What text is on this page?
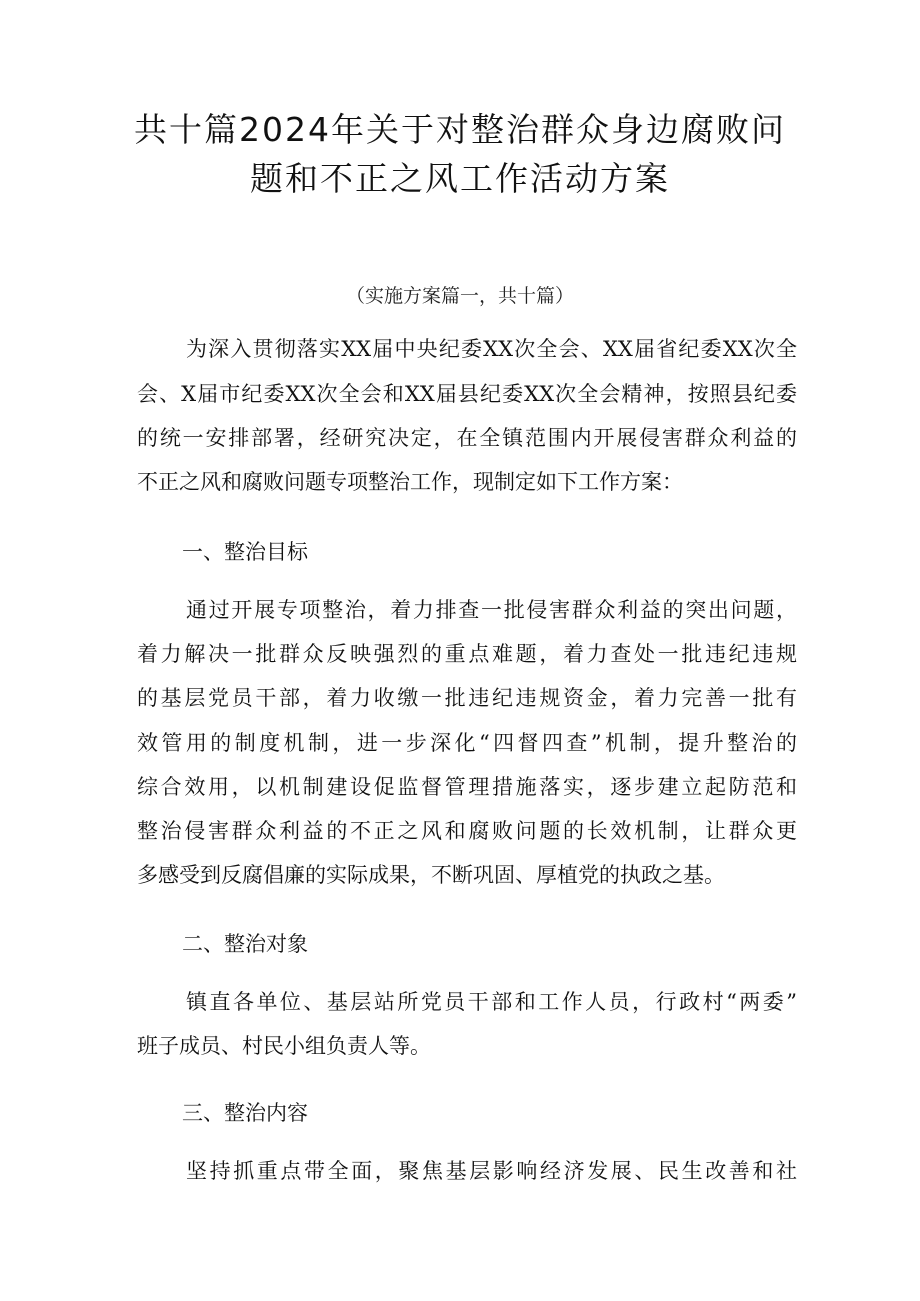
共十篇2024年关于对整治群众身边腐败问
题和不正之风工作活动方案
（实施方案篇一，共十篇）
为深入贯彻落实XX届中央纪委XX次全会、XX届省纪委XX次全
会、X届市纪委XX次全会和XX届县纪委XX次全会精神，按照县纪委
的统一安排部署，经研究决定，在全镇范围内开展侵害群众利益的
不正之风和腐败问题专项整治工作，现制定如下工作方案：
一、整治目标
通过开展专项整治，着力排查一批侵害群众利益的突出问题，
着力解决一批群众反映强烈的重点难题，着力查处一批违纪违规
的基层党员干部，着力收缴一批违纪违规资金，着力完善一批有
效管用的制度机制，进一步深化“四督四查”机制，提升整治的
综合效用，以机制建设促监督管理措施落实，逐步建立起防范和
整治侵害群众利益的不正之风和腐败问题的长效机制，让群众更
多感受到反腐倡廉的实际成果，不断巩固、厚植党的执政之基。
二、整治对象
镇直各单位、基层站所党员干部和工作人员，行政村“两委”
班子成员、村民小组负责人等。
三、整治内容
坚持抓重点带全面，聚焦基层影响经济发展、民生改善和社
